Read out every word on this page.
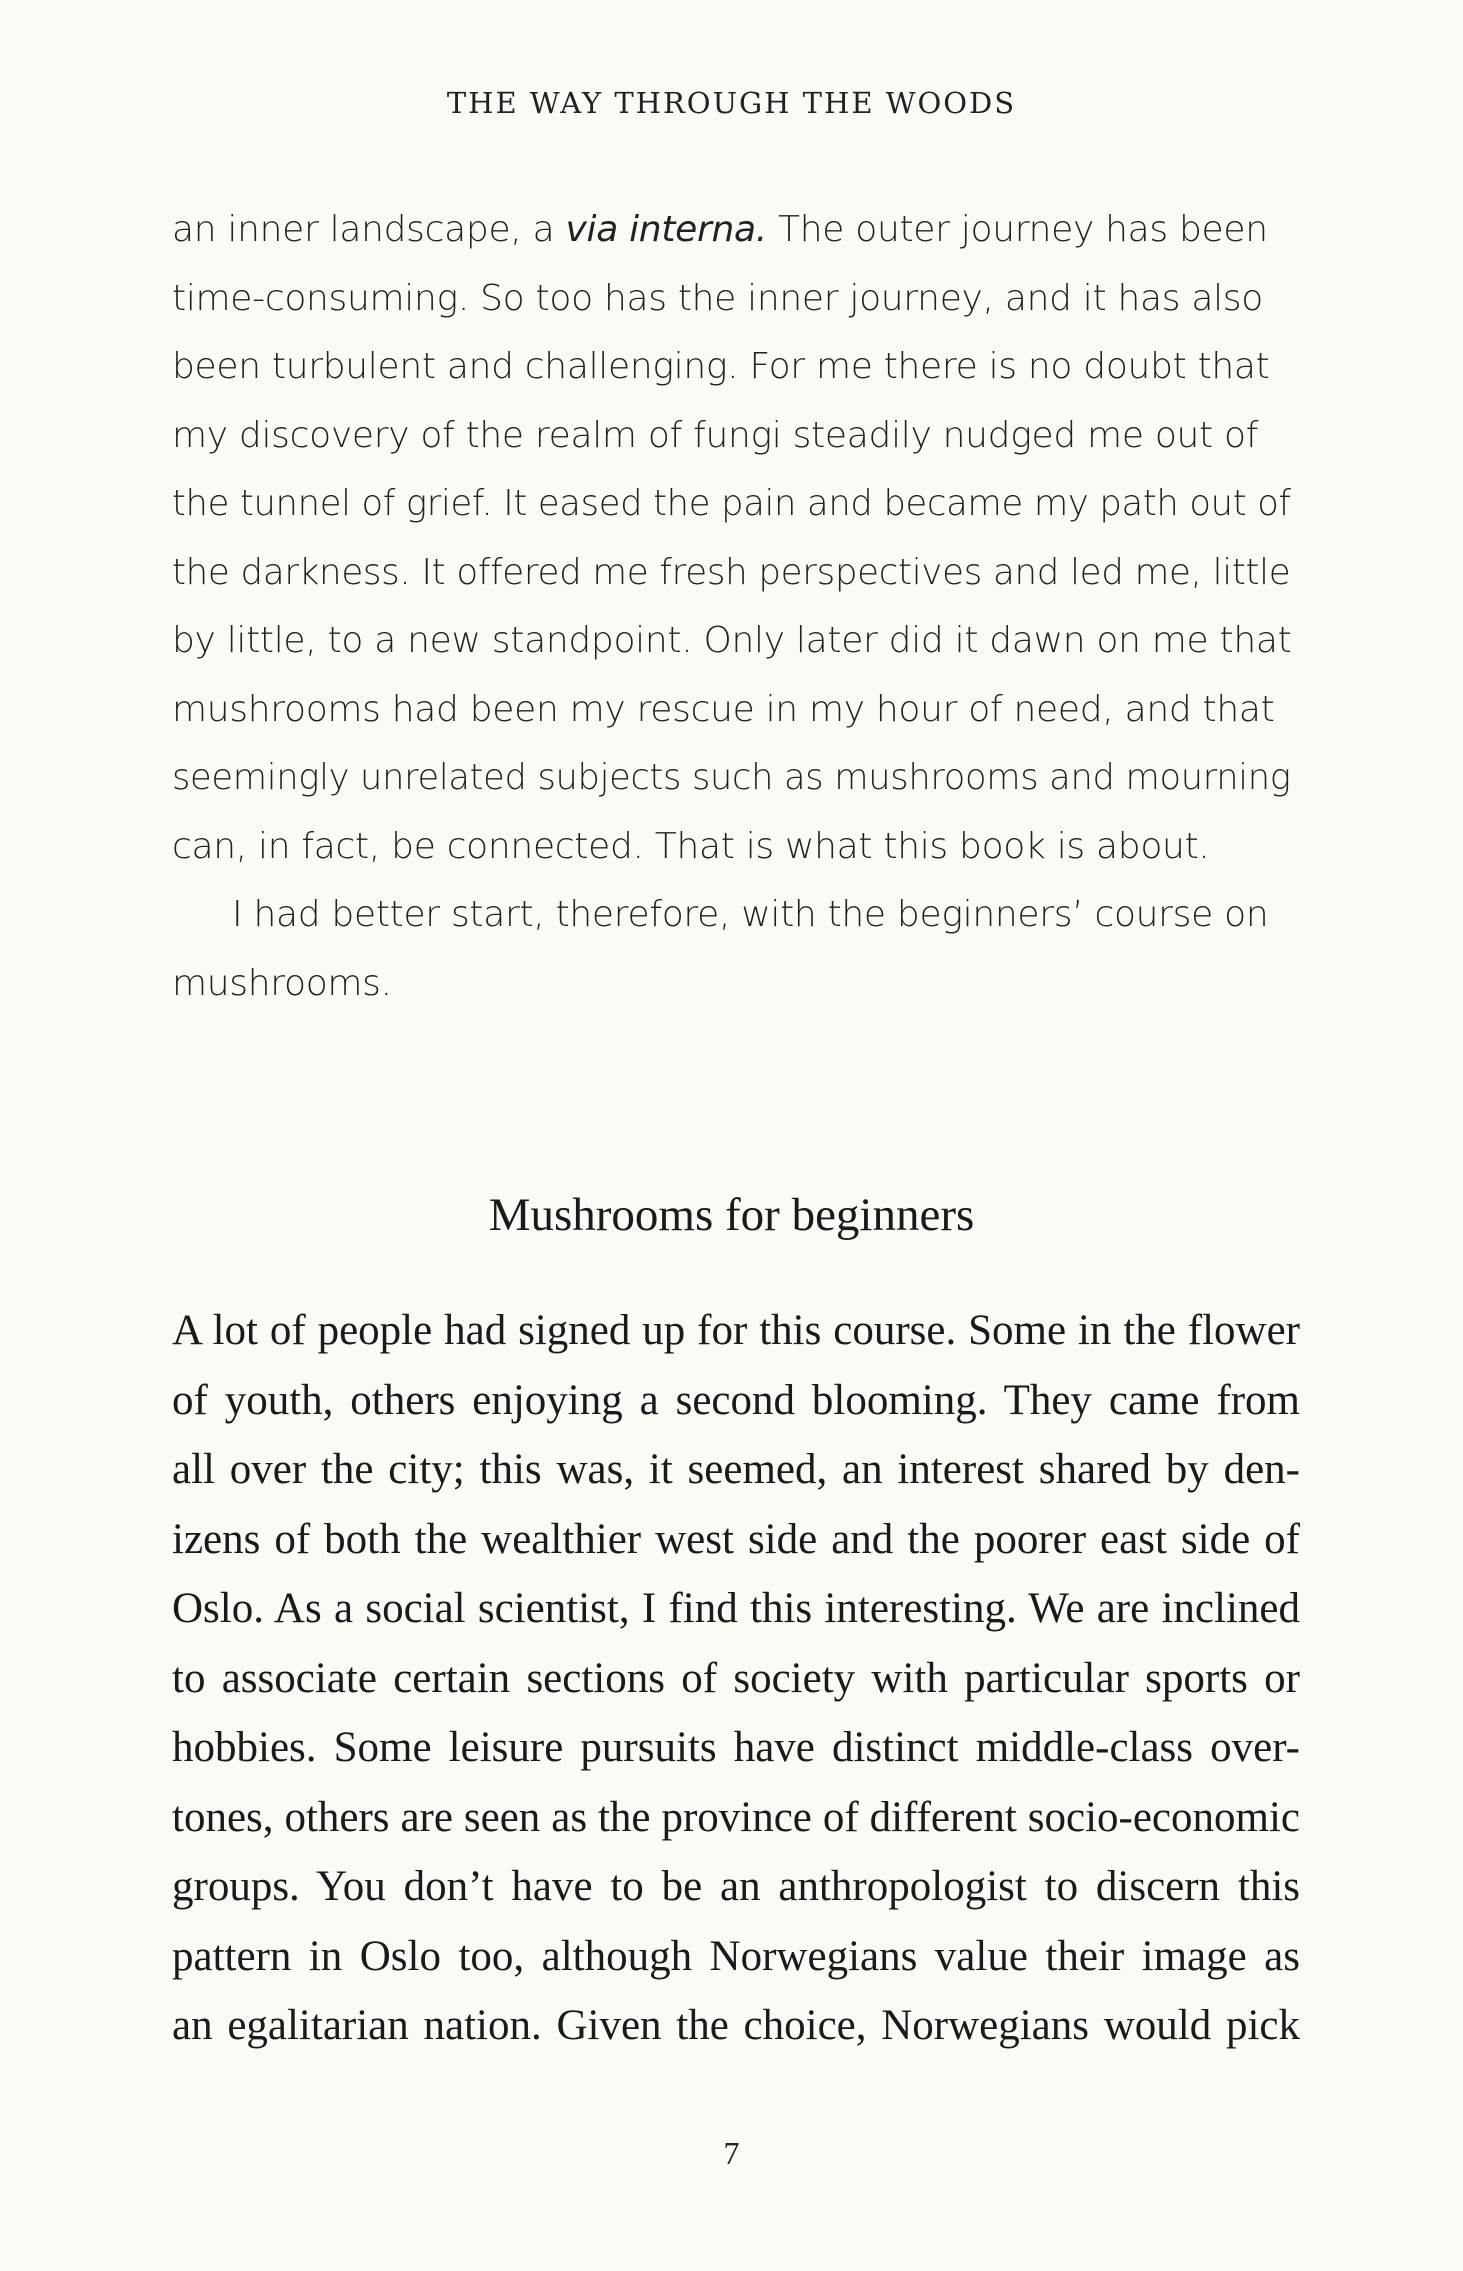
THE WAY THROUGH THE WOODS
an inner landscape, a via interna. The outer journey has been
time-consuming. So too has the inner journey, and it has also
been turbulent and challenging. For me there is no doubt that
my discovery of the realm of fungi steadily nudged me out of
the tunnel of grief. It eased the pain and became my path out of
the darkness. It offered me fresh perspectives and led me, little
by little, to a new standpoint. Only later did it dawn on me that
mushrooms had been my rescue in my hour of need, and that
seemingly unrelated subjects such as mushrooms and mourning
can, in fact, be connected. That is what this book is about.
I had better start, therefore, with the beginners’ course on
mushrooms.
Mushrooms for beginners
A lot of people had signed up for this course. Some in the flower
of youth, others enjoying a second blooming. They came from
all over the city; this was, it seemed, an interest shared by den-
izens of both the wealthier west side and the poorer east side of
Oslo. As a social scientist, I find this interesting. We are inclined
to associate certain sections of society with particular sports or
hobbies. Some leisure pursuits have distinct middle-class over-
tones, others are seen as the province of different socio-economic
groups. You don’t have to be an anthropologist to discern this
pattern in Oslo too, although Norwegians value their image as
an egalitarian nation. Given the choice, Norwegians would pick
7
